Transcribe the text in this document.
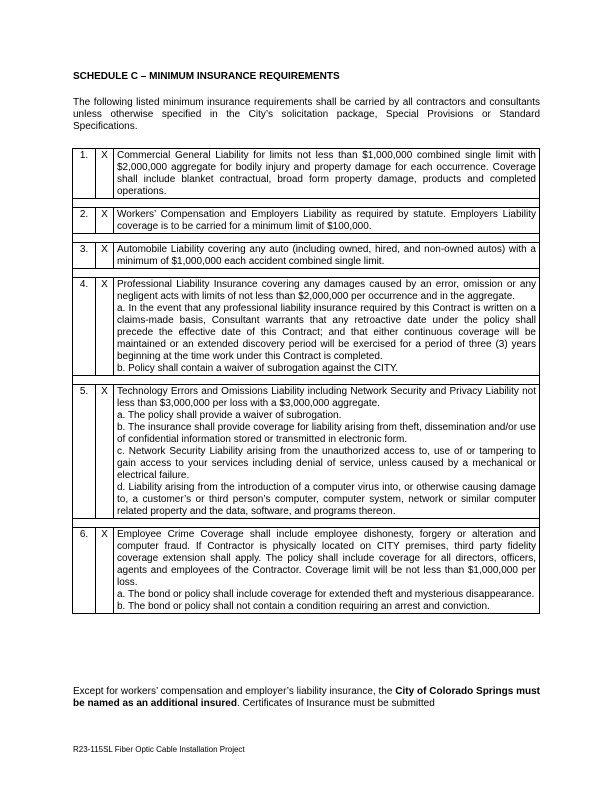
SCHEDULE C – MINIMUM INSURANCE REQUIREMENTS
The following listed minimum insurance requirements shall be carried by all contractors and consultants unless otherwise specified in the City’s solicitation package, Special Provisions or Standard Specifications.
1.	X	Commercial General Liability for limits not less than $1,000,000 combined single limit with $2,000,000 aggregate for bodily injury and property damage for each occurrence. Coverage shall include blanket contractual, broad form property damage, products and completed operations.

2.	X	Workers’ Compensation and Employers Liability as required by statute. Employers Liability coverage is to be carried for a minimum limit of $100,000.

3.	X	Automobile Liability covering any auto (including owned, hired, and non-owned autos) with a minimum of $1,000,000 each accident combined single limit.

4.	X	Professional Liability Insurance covering any damages caused by an error, omission or any negligent acts with limits of not less than $2,000,000 per occurrence and in the aggregate.
a. In the event that any professional liability insurance required by this Contract is written on a claims-made basis, Consultant warrants that any retroactive date under the policy shall precede the effective date of this Contract; and that either continuous coverage will be maintained or an extended discovery period will be exercised for a period of three (3) years beginning at the time work under this Contract is completed.
b. Policy shall contain a waiver of subrogation against the CITY.

5.	X	Technology Errors and Omissions Liability including Network Security and Privacy Liability not less than $3,000,000 per loss with a $3,000,000 aggregate.
a. The policy shall provide a waiver of subrogation.
b. The insurance shall provide coverage for liability arising from theft, dissemination and/or use of confidential information stored or transmitted in electronic form.
c. Network Security Liability arising from the unauthorized access to, use of or tampering to gain access to your services including denial of service, unless caused by a mechanical or electrical failure.
d. Liability arising from the introduction of a computer virus into, or otherwise causing damage to, a customer’s or third person’s computer, computer system, network or similar computer related property and the data, software, and programs thereon.

6.	X	Employee Crime Coverage shall include employee dishonesty, forgery or alteration and computer fraud. If Contractor is physically located on CITY premises, third party fidelity coverage extension shall apply. The policy shall include coverage for all directors, officers, agents and employees of the Contractor. Coverage limit will be not less than $1,000,000 per loss.
a. The bond or policy shall include coverage for extended theft and mysterious disappearance.
b. The bond or policy shall not contain a condition requiring an arrest and conviction.
Except for workers’ compensation and employer’s liability insurance, the City of Colorado Springs must be named as an additional insured. Certificates of Insurance must be submitted
R23-115SL Fiber Optic Cable Installation Project
